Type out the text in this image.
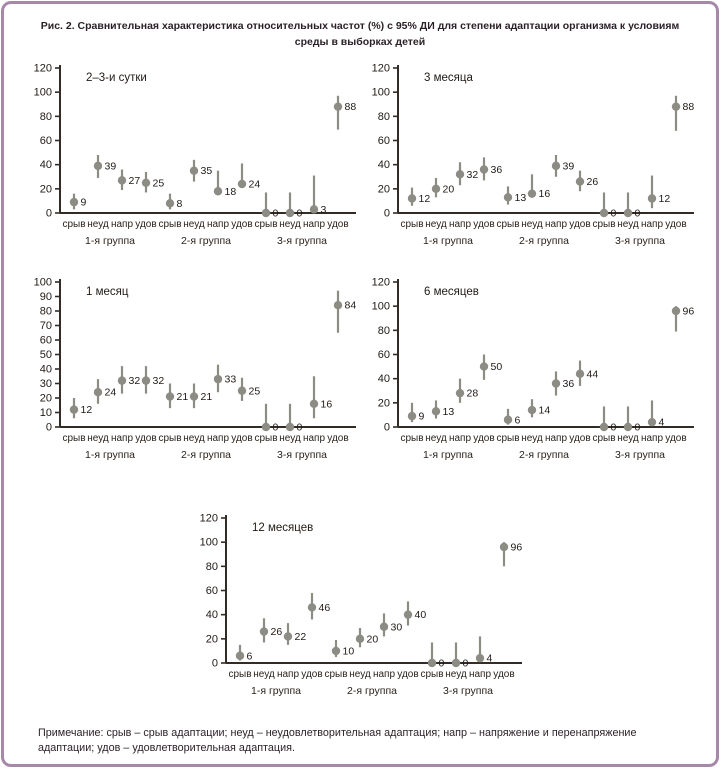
Рис. 2. Сравнительная характеристика относительных частот (%) с 95% ДИ для степени адаптации организма к условиям среды в выборках детей
0
20
40
60
80
100
120
2–3-и сутки
9
срыв
39
неуд
27
напр
25
удов
8
срыв
35
неуд
18
напр
24
удов
0
срыв
0
неуд
3
напр
88
удов
1-я группа	2-я группа	3-я группа
0
20
40
60
80
100
120
3 месяца
12
срыв
20
неуд
32
напр
36
удов
13
срыв
16
неуд
39
напр
26
удов
0
срыв
0
неуд
12
напр
88
удов
1-я группа	2-я группа	3-я группа
0
10
20
30
40
50
60
70
80
90
100
1 месяц
12
срыв
24
неуд
32
напр
32
удов
21
срыв
21
неуд
33
напр
25
удов
0
срыв
0
неуд
16
напр
84
удов
1-я группа	2-я группа	3-я группа
0
20
40
60
80
100
120
6 месяцев
9
срыв
13
неуд
28
напр
50
удов
6
срыв
14
неуд
36
напр
44
удов
0
срыв
0
неуд
4
напр
96
удов
1-я группа	2-я группа	3-я группа
0
20
40
60
80
100
120
12 месяцев
6
срыв
26
неуд
22
напр
46
удов
10
срыв
20
неуд
30
напр
40
удов
0
срыв
0
неуд
4
напр
96
удов
1-я группа	2-я группа	3-я группа
Примечание: срыв – срыв адаптации; неуд – неудовлетворительная адаптация; напр – напряжение и перенапряжение адаптации; удов – удовлетворительная адаптация.
